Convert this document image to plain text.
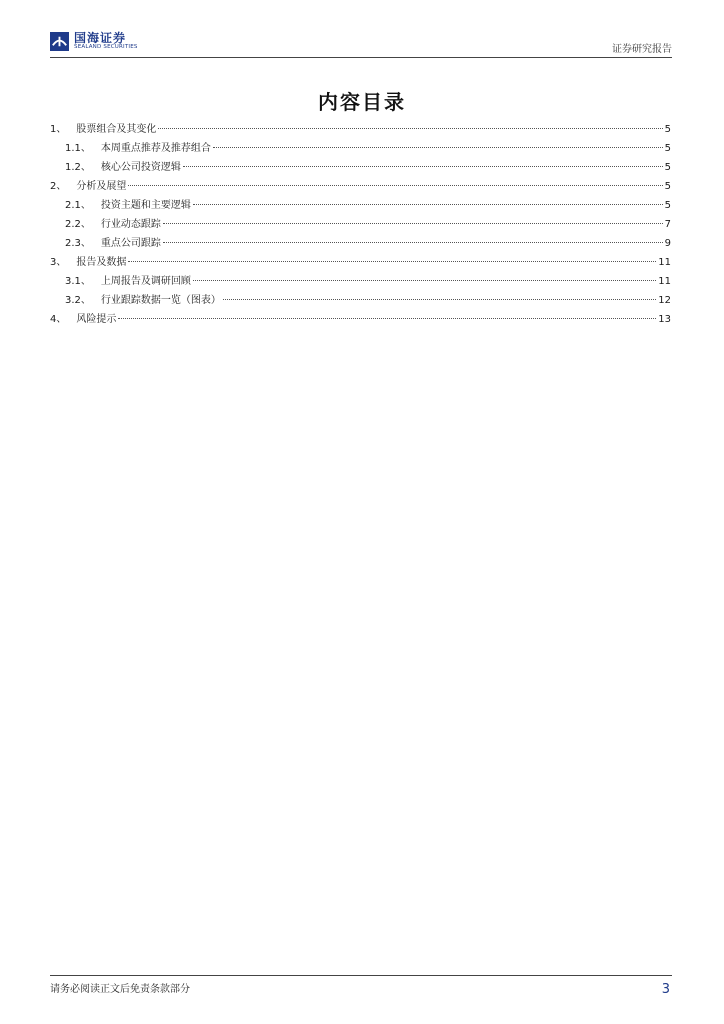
国海证券
SEALAND SECURITIES	证券研究报告
内容目录
1、 股票组合及其变化	5
1.1、 本周重点推荐及推荐组合	5
1.2、 核心公司投资逻辑	5
2、 分析及展望	5
2.1、 投资主题和主要逻辑	5
2.2、 行业动态跟踪	7
2.3、 重点公司跟踪	9
3、 报告及数据	11
3.1、 上周报告及调研回顾	11
3.2、 行业跟踪数据一览（图表）	12
4、 风险提示	13
请务必阅读正文后免责条款部分	3
